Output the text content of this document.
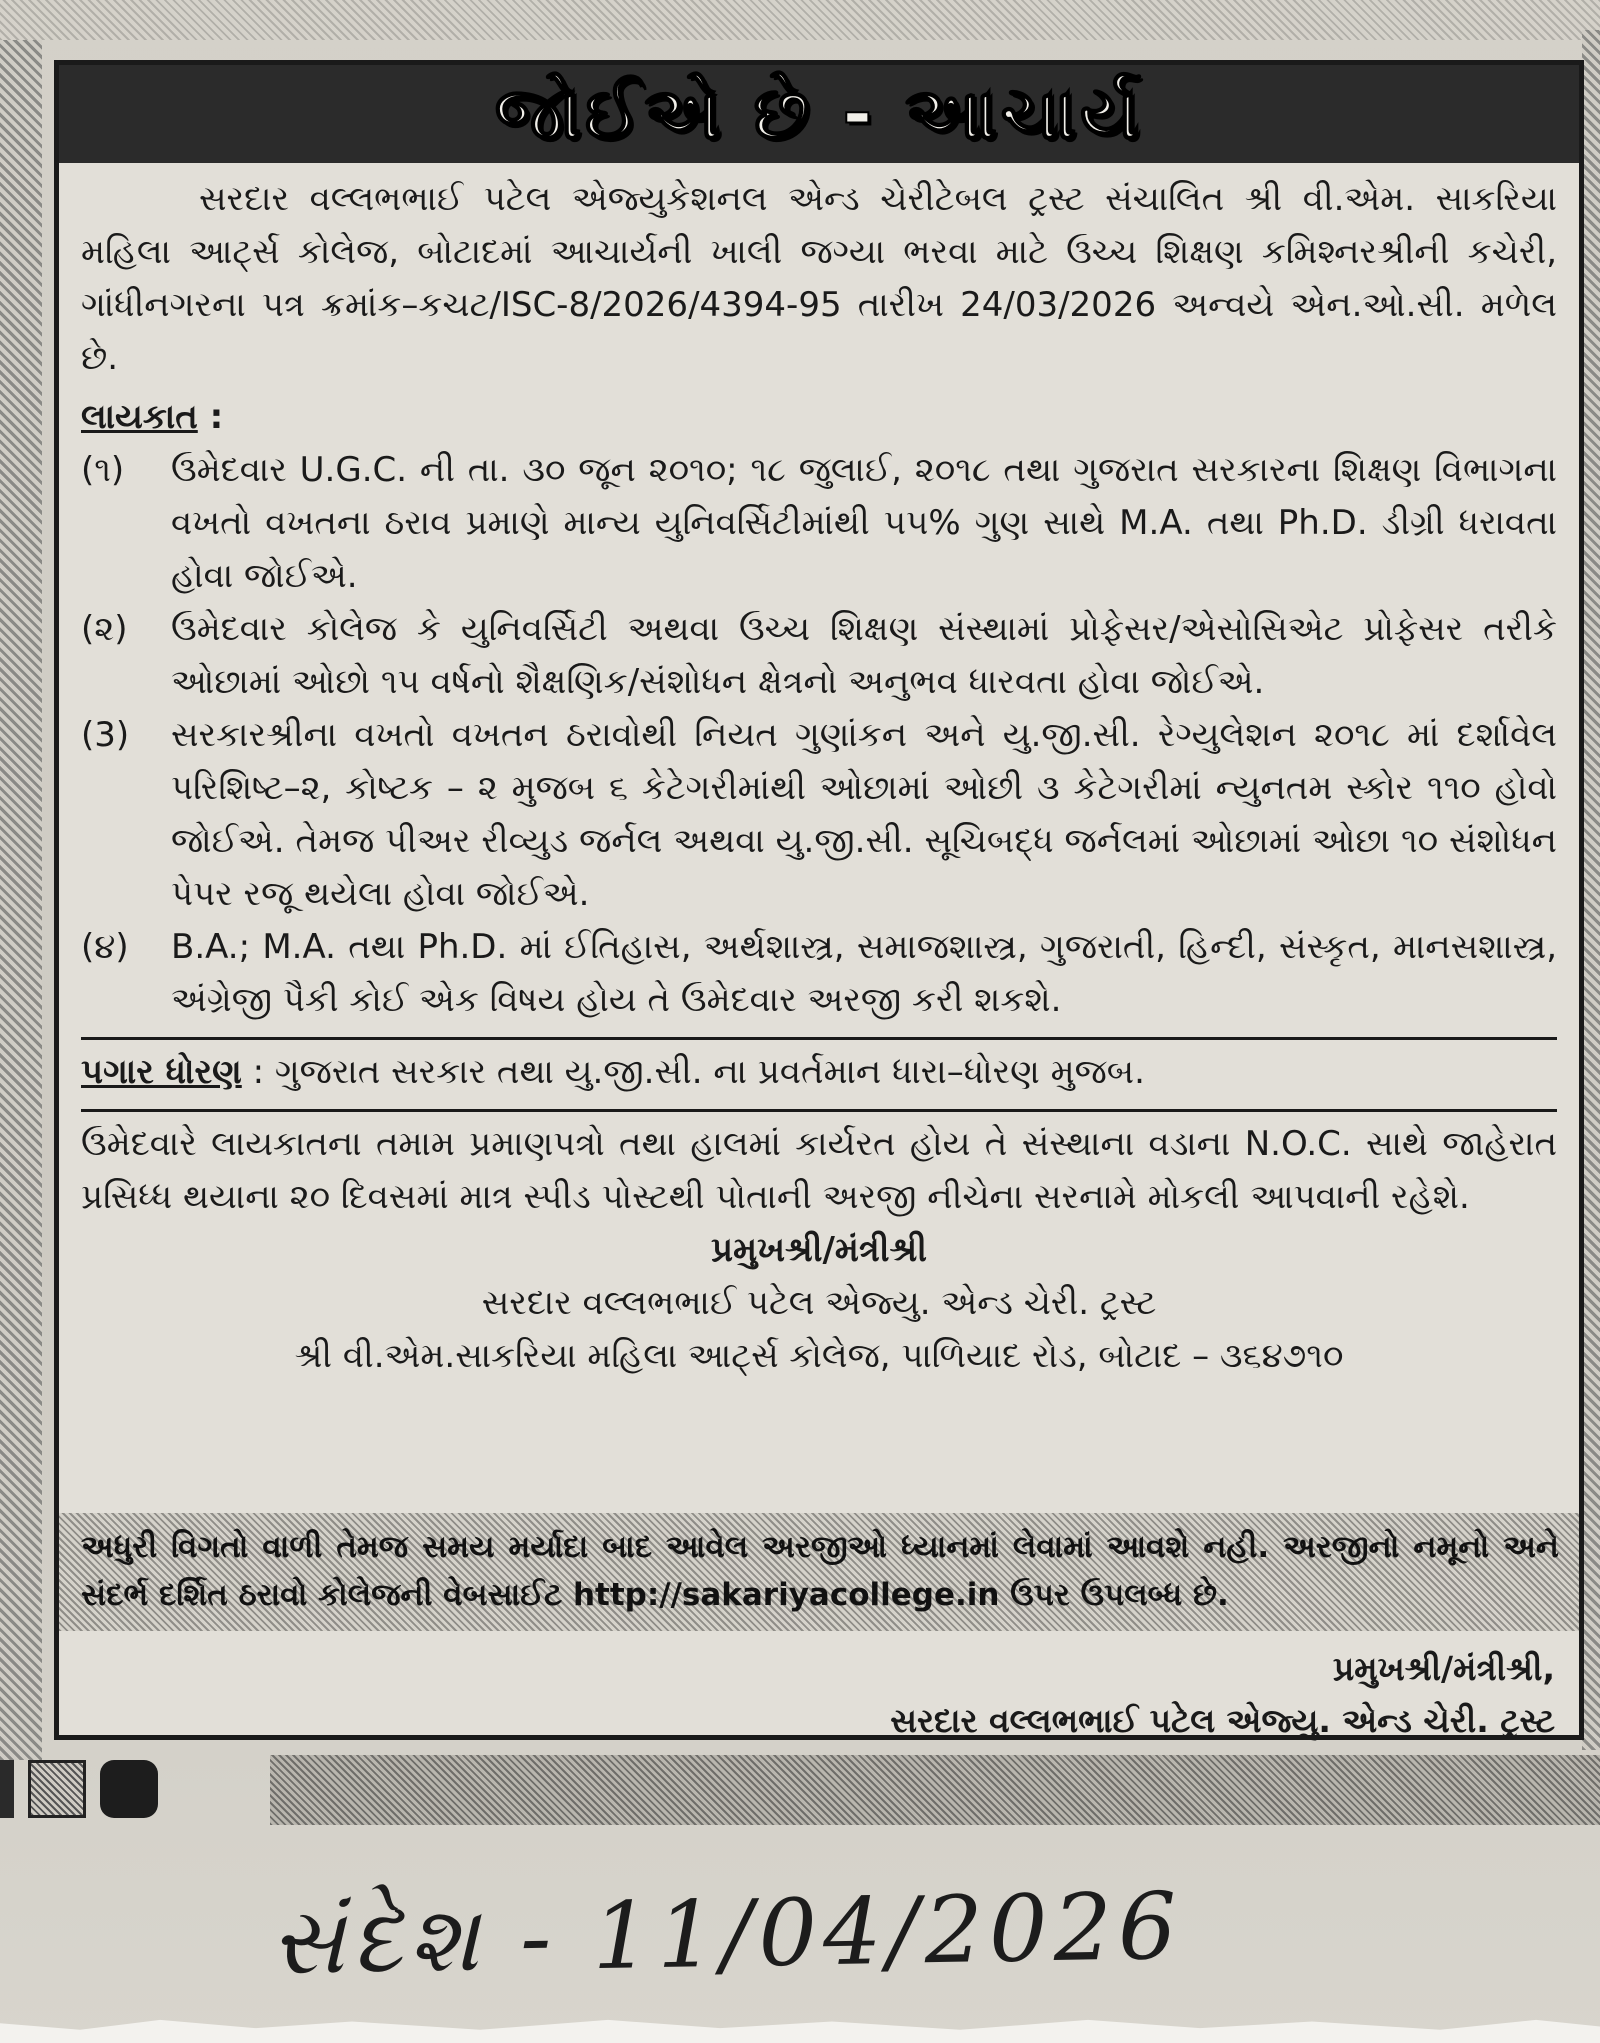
જોઈએ છે - આચાર્ય

સરદાર વલ્લભભાઈ પટેલ એજ્યુકેશનલ એન્ડ ચેરીટેબલ ટ્રસ્ટ સંચાલિત શ્રી વી.એમ. સાકરિયા મહિલા આર્ટ્સ કોલેજ, બોટાદમાં આચાર્યની ખાલી જગ્યા ભરવા માટે ઉચ્ચ શિક્ષણ કમિશ્નરશ્રીની કચેરી, ગાંધીનગરના પત્ર ક્રમાંક–કચટ/ISC-8/2026/4394-95 તારીખ 24/03/2026 અન્વયે એન.ઓ.સી. મળેલ છે.

લાયકાત :

(૧)	ઉમેદવાર U.G.C. ની તા. ૩૦ જૂન ૨૦૧૦; ૧૮ જુલાઈ, ૨૦૧૮ તથા ગુજરાત સરકારના શિક્ષણ વિભાગના વખતો વખતના ઠરાવ પ્રમાણે માન્ય યુનિવર્સિટીમાંથી ૫૫% ગુણ સાથે M.A. તથા Ph.D. ડીગ્રી ધરાવતા હોવા જોઈએ.
(૨)	ઉમેદવાર કોલેજ કે યુનિવર્સિટી અથવા ઉચ્ચ શિક્ષણ સંસ્થામાં પ્રોફેસર/એસોસિએટ પ્રોફેસર તરીકે ઓછામાં ઓછો ૧૫ વર્ષનો શૈક્ષણિક/સંશોધન ક્ષેત્રનો અનુભવ ધારવતા હોવા જોઈએ.
(3)	સરકારશ્રીના વખતો વખતન ઠરાવોથી નિયત ગુણાંકન અને યુ.જી.સી. રેગ્યુલેશન ૨૦૧૮ માં દર્શાવેલ પરિશિષ્ટ–૨, કોષ્ટક – ૨ મુજબ ૬ કેટેગરીમાંથી ઓછામાં ઓછી ૩ કેટેગરીમાં ન્યુનતમ સ્કોર ૧૧૦ હોવો જોઈએ. તેમજ પીઅર રીવ્યુડ જર્નલ અથવા યુ.જી.સી. સૂચિબદ્ધ જર્નલમાં ઓછામાં ઓછા ૧૦ સંશોધન પેપર રજૂ થયેલા હોવા જોઈએ.
(૪)	B.A.; M.A. તથા Ph.D. માં ઈતિહાસ, અર્થશાસ્ત્ર, સમાજશાસ્ત્ર, ગુજરાતી, હિન્દી, સંસ્કૃત, માનસશાસ્ત્ર, અંગ્રેજી પૈકી કોઈ એક વિષય હોય તે ઉમેદવાર અરજી કરી શકશે.

પગાર ધોરણ : ગુજરાત સરકાર તથા યુ.જી.સી. ના પ્રવર્તમાન ધારા–ધોરણ મુજબ.

ઉમેદવારે લાયકાતના તમામ પ્રમાણપત્રો તથા હાલમાં કાર્યરત હોય તે સંસ્થાના વડાના N.O.C. સાથે જાહેરાત પ્રસિધ્ધ થયાના ૨૦ દિવસમાં માત્ર સ્પીડ પોસ્ટથી પોતાની અરજી નીચેના સરનામે મોકલી આપવાની રહેશે.

પ્રમુખશ્રી/મંત્રીશ્રી

સરદાર વલ્લભભાઈ પટેલ એજ્યુ. એન્ડ ચેરી. ટ્રસ્ટ

શ્રી વી.એમ.સાકરિયા મહિલા આર્ટ્સ કોલેજ, પાળિયાદ રોડ, બોટાદ – ૩૬૪૭૧૦

અધુરી વિગતો વાળી તેમજ સમય મર્યાદા બાદ આવેલ અરજીઓ ધ્યાનમાં લેવામાં આવશે નહી. અરજીનો નમૂનો અને સંદર્ભ દર્શિત ઠરાવો કોલેજની વેબસાઈટ http://sakariyacollege.in ઉપર ઉપલબ્ધ છે.

પ્રમુખશ્રી/મંત્રીશ્રી,
સરદાર વલ્લભભાઈ પટેલ એજ્યુ. એન્ડ ચેરી. ટ્રસ્ટ
સંદેશ - 11/04/2026
